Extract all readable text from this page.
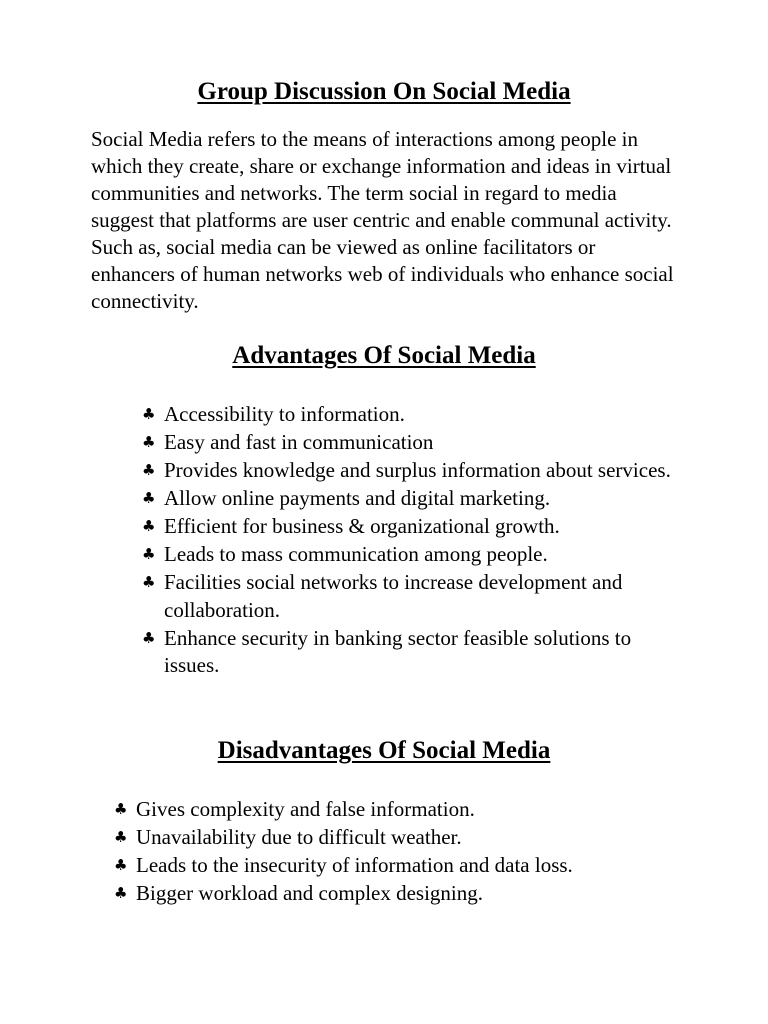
Group Discussion On Social Media

Social Media refers to the means of interactions among people in which they create, share or exchange information and ideas in virtual communities and networks. The term social in regard to media suggest that platforms are user centric and enable communal activity. Such as, social media can be viewed as online facilitators or enhancers of human networks web of individuals who enhance social connectivity.

Advantages Of Social Media
♣ Accessibility to information.
♣ Easy and fast in communication
♣ Provides knowledge and surplus information about services.
♣ Allow online payments and digital marketing.
♣ Efficient for business & organizational growth.
♣ Leads to mass communication among people.
♣ Facilities social networks to increase development and collaboration.
♣ Enhance security in banking sector feasible solutions to issues.
Disadvantages Of Social Media
♣ Gives complexity and false information.
♣ Unavailability due to difficult weather.
♣ Leads to the insecurity of information and data loss.
♣ Bigger workload and complex designing.
